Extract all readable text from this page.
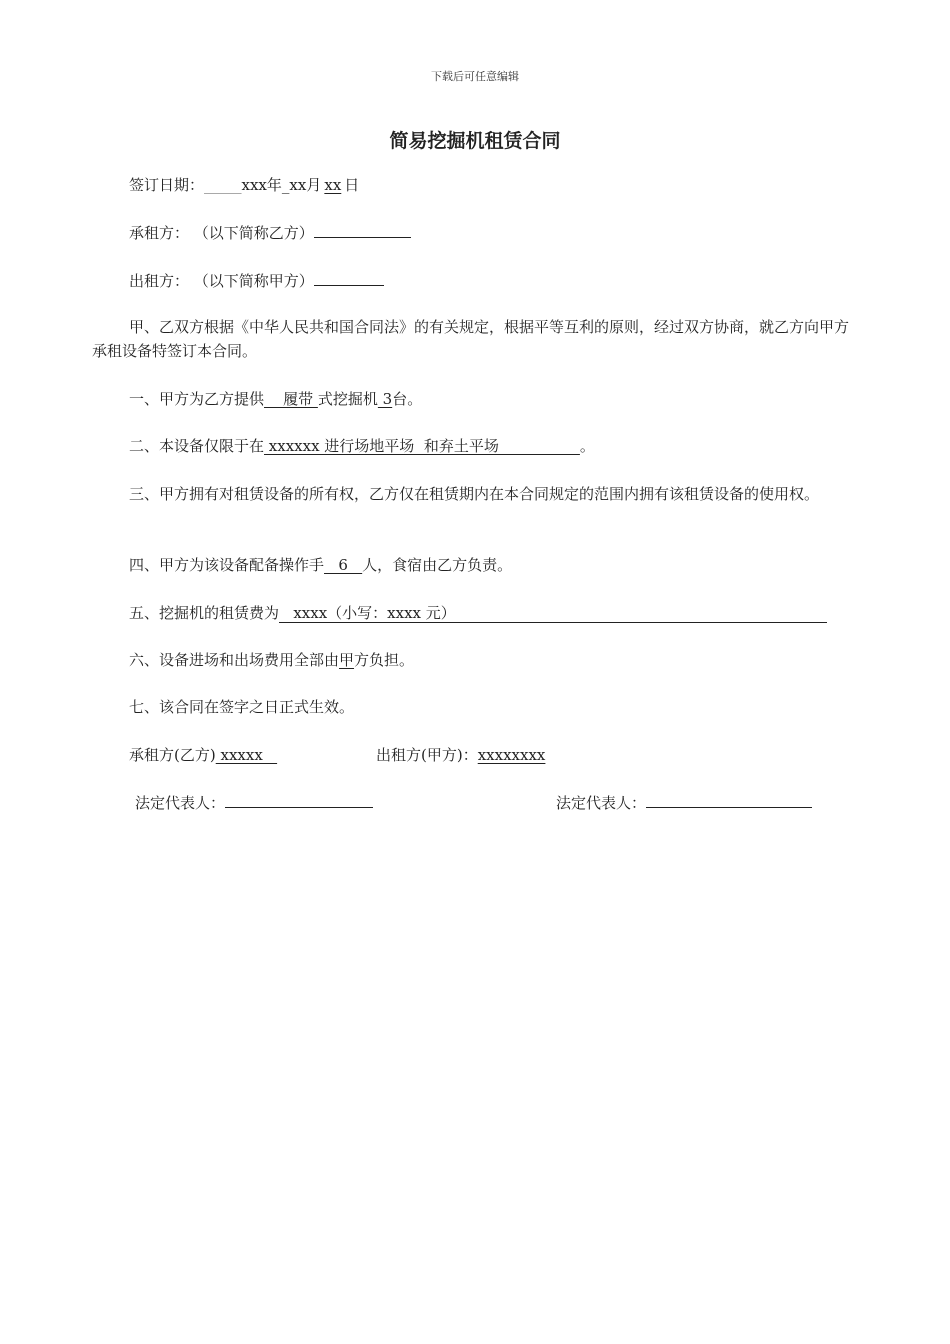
下载后可任意编辑
简易挖掘机租赁合同
签订日期：_____xxx年_xx月 xx 日
承租方： （以下简称乙方）
出租方： （以下简称甲方）
甲、乙双方根据《中华人民共和国合同法》的有关规定，根据平等互利的原则，经过双方协商，就乙方向甲方承租设备特签订本合同。
一、甲方为乙方提供    履带 式挖掘机 3台。
二、本设备仅限于在 xxxxxx 进行场地平场  和弃土平场                 。
三、甲方拥有对租赁设备的所有权，乙方仅在租赁期内在本合同规定的范围内拥有该租赁设备的使用权。
四、甲方为该设备配备操作手   6   人，食宿由乙方负责。
五、挖掘机的租赁费为   xxxx（小写：xxxx 元）
六、设备进场和出场费用全部由甲方负担。
七、该合同在签字之日正式生效。
承租方(乙方) xxxxx	出租方(甲方)：xxxxxxxx
法定代表人：	法定代表人：
